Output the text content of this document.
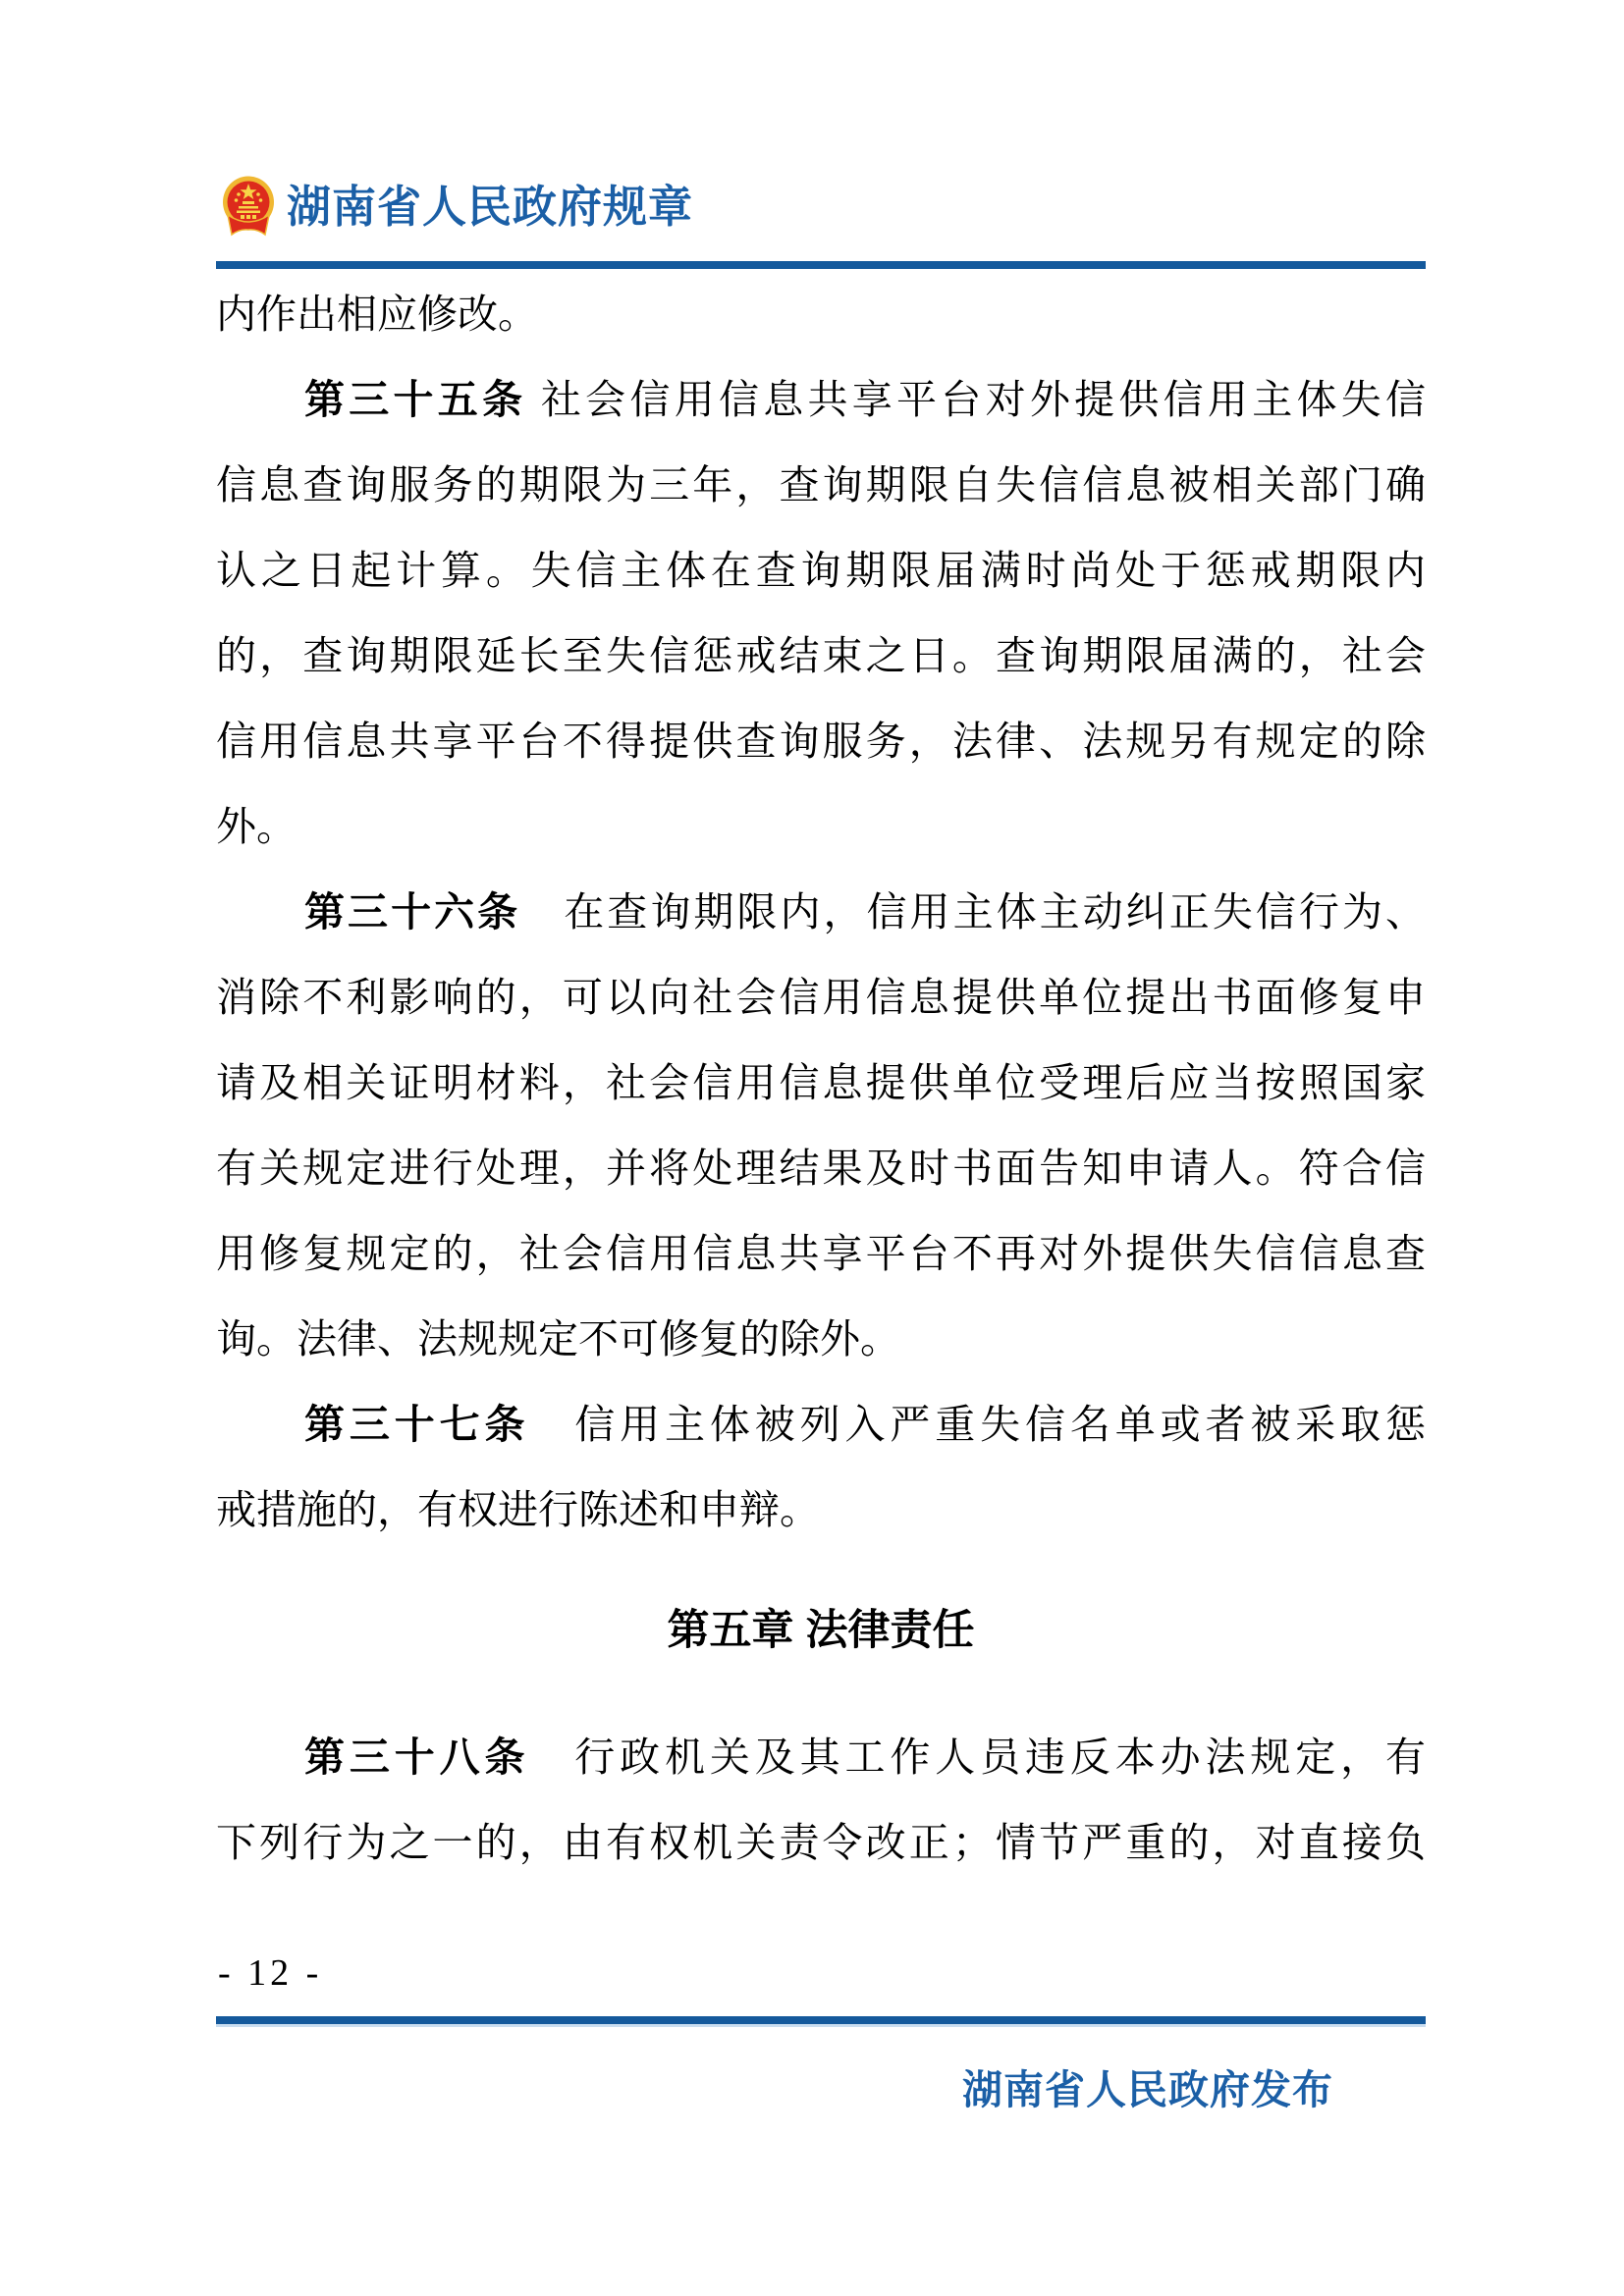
湖南省人民政府规章
内作出相应修改。
第三十五条 社会信用信息共享平台对外提供信用主体失信
信息查询服务的期限为三年，查询期限自失信信息被相关部门确
认之日起计算。失信主体在查询期限届满时尚处于惩戒期限内
的，查询期限延长至失信惩戒结束之日。查询期限届满的，社会
信用信息共享平台不得提供查询服务，法律、法规另有规定的除
外。
第三十六条　在查询期限内，信用主体主动纠正失信行为、
消除不利影响的，可以向社会信用信息提供单位提出书面修复申
请及相关证明材料，社会信用信息提供单位受理后应当按照国家
有关规定进行处理，并将处理结果及时书面告知申请人。符合信
用修复规定的，社会信用信息共享平台不再对外提供失信信息查
询。法律、法规规定不可修复的除外。
第三十七条　信用主体被列入严重失信名单或者被采取惩
戒措施的，有权进行陈述和申辩。
第五章 法律责任
第三十八条　行政机关及其工作人员违反本办法规定，有
下列行为之一的，由有权机关责令改正；情节严重的，对直接负
- 12 -
湖南省人民政府发布
